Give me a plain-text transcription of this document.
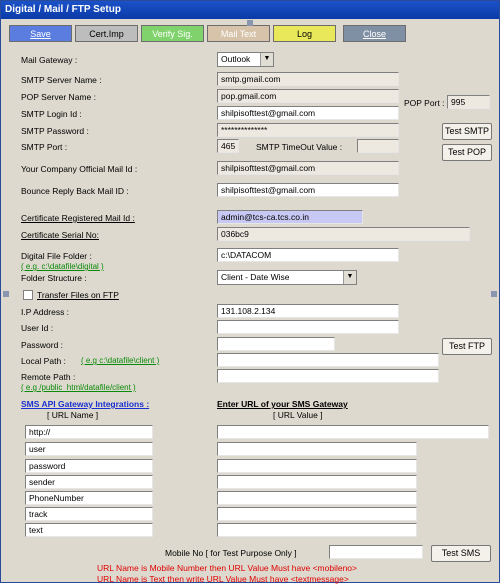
Digital / Mail / FTP Setup
Save	Cert.Imp	Verify Sig.	Mail Text	Log	Close
Mail Gateway :	Outlook	▼
SMTP Server Name :	smtp.gmail.com
POP Server Name :	pop.gmail.com
POP Port : 995
SMTP Login Id :	shilpisofttest@gmail.com
SMTP Password :	**************
SMTP Port :	465	SMTP TimeOut Value :
Test SMTP
Test POP
Your Company Official Mail Id :	shilpisofttest@gmail.com
Bounce Reply Back Mail ID :	shilpisofttest@gmail.com
Certificate Registered Mail Id :	admin@tcs-ca.tcs.co.in
Certificate Serial No:	036bc9
Digital File Folder :
( e.g. c:\datafile\digital )
c:\DATACOM
Folder Structure :	Client - Date Wise	▼
Transfer Files on FTP
I.P Address :	131.108.2.134
User Id :
Password :	Test FTP
Local Path : ( e.g c:\datafile\client )
Remote Path :
( e.g /public_html/datafile/client )
SMS API Gateway Integrations :
[ URL Name ]
Enter URL of your SMS Gateway
[ URL Value ]
http://
user
password
sender
PhoneNumber
track
text
Mobile No [ for Test Purpose Only ]	Test SMS
URL Name is Mobile Number then URL Value Must have <mobileno>
URL Name is Text then write URL Value Must have <textmessage>
